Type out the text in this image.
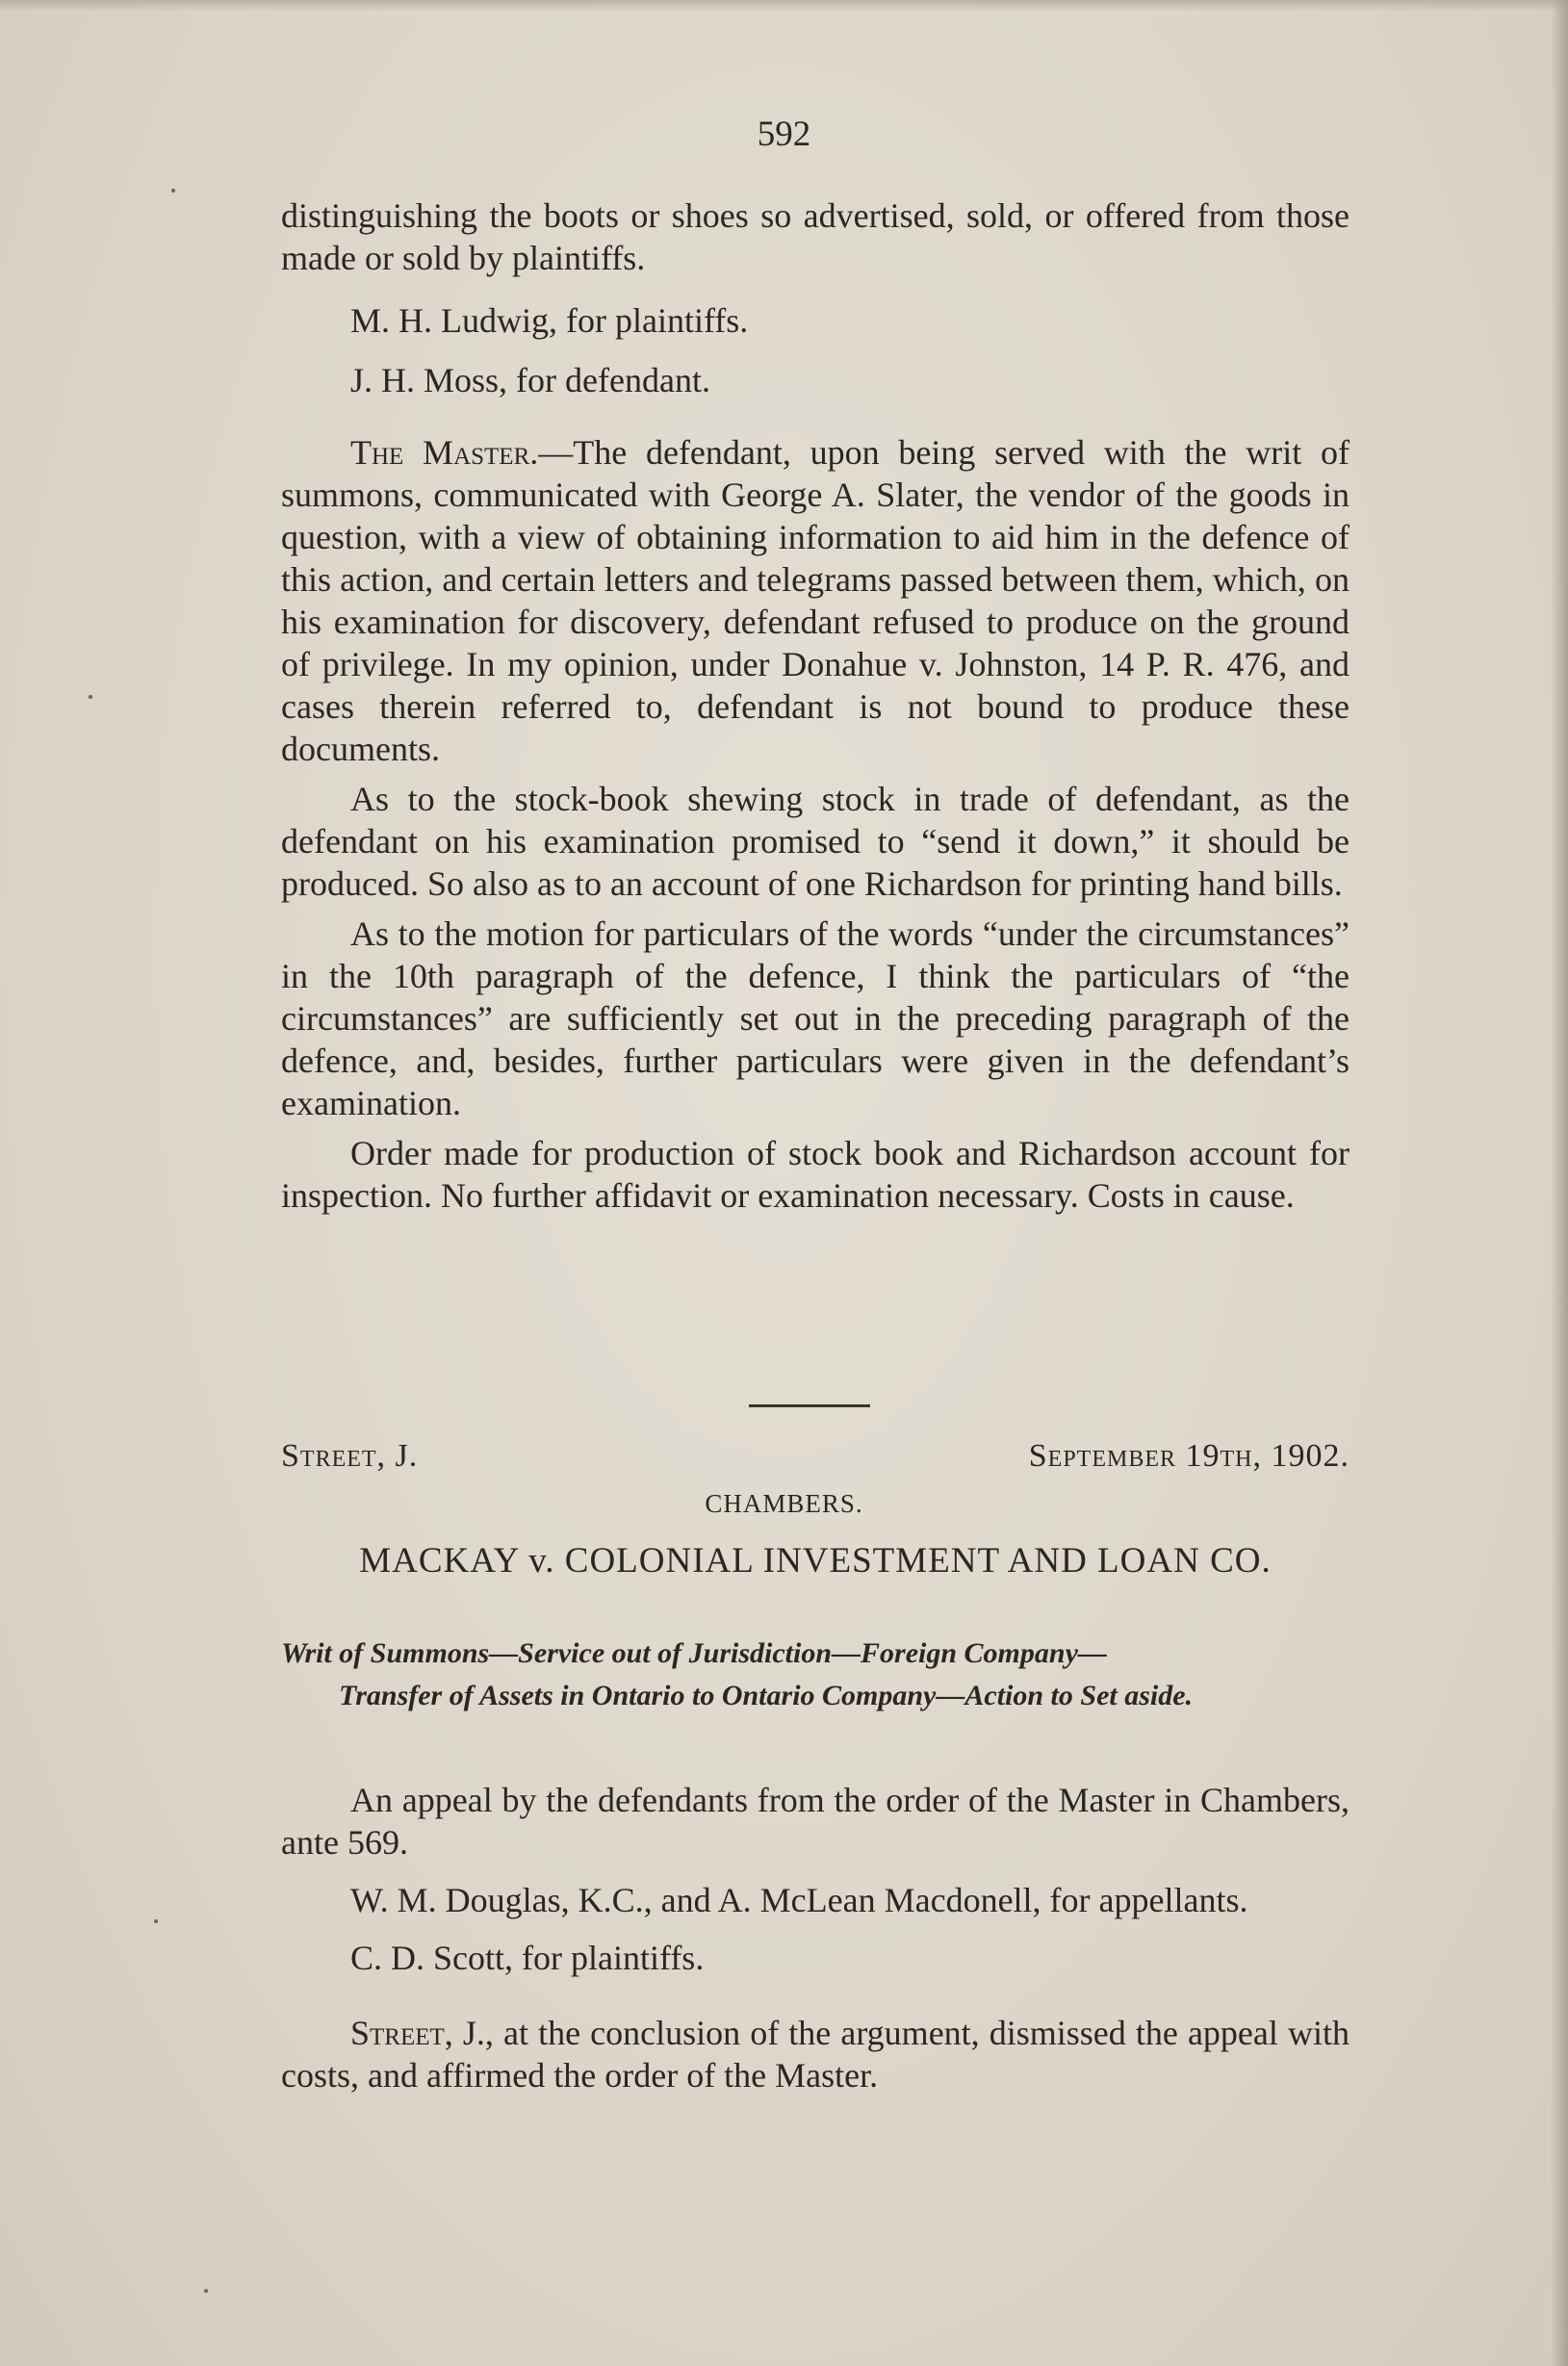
592

distinguishing the boots or shoes so advertised, sold, or offered from those made or sold by plaintiffs.

M. H. Ludwig, for plaintiffs.
J. H. Moss, for defendant.

The Master.—The defendant, upon being served with the writ of summons, communicated with George A. Slater, the vendor of the goods in question, with a view of obtaining information to aid him in the defence of this action, and certain letters and telegrams passed between them, which, on his examination for discovery, defendant refused to produce on the ground of privilege. In my opinion, under Donahue v. Johnston, 14 P. R. 476, and cases therein referred to, defendant is not bound to produce these documents.

As to the stock-book shewing stock in trade of defendant, as the defendant on his examination promised to “send it down,” it should be produced. So also as to an account of one Richardson for printing hand bills.

As to the motion for particulars of the words “under the circumstances” in the 10th paragraph of the defence, I think the particulars of “the circumstances” are sufficiently set out in the preceding paragraph of the defence, and, besides, further particulars were given in the defendant’s examination.

Order made for production of stock book and Richardson account for inspection. No further affidavit or examination necessary. Costs in cause.

Street, J.	September 19th, 1902.
CHAMBERS.
MACKAY v. COLONIAL INVESTMENT AND LOAN CO.
Writ of Summons—Service out of Jurisdiction—Foreign Company—
Transfer of Assets in Ontario to Ontario Company—Action to Set aside.

An appeal by the defendants from the order of the Master in Chambers, ante 569.

W. M. Douglas, K.C., and A. McLean Macdonell, for appellants.

C. D. Scott, for plaintiffs.

Street, J., at the conclusion of the argument, dismissed the appeal with costs, and affirmed the order of the Master.
